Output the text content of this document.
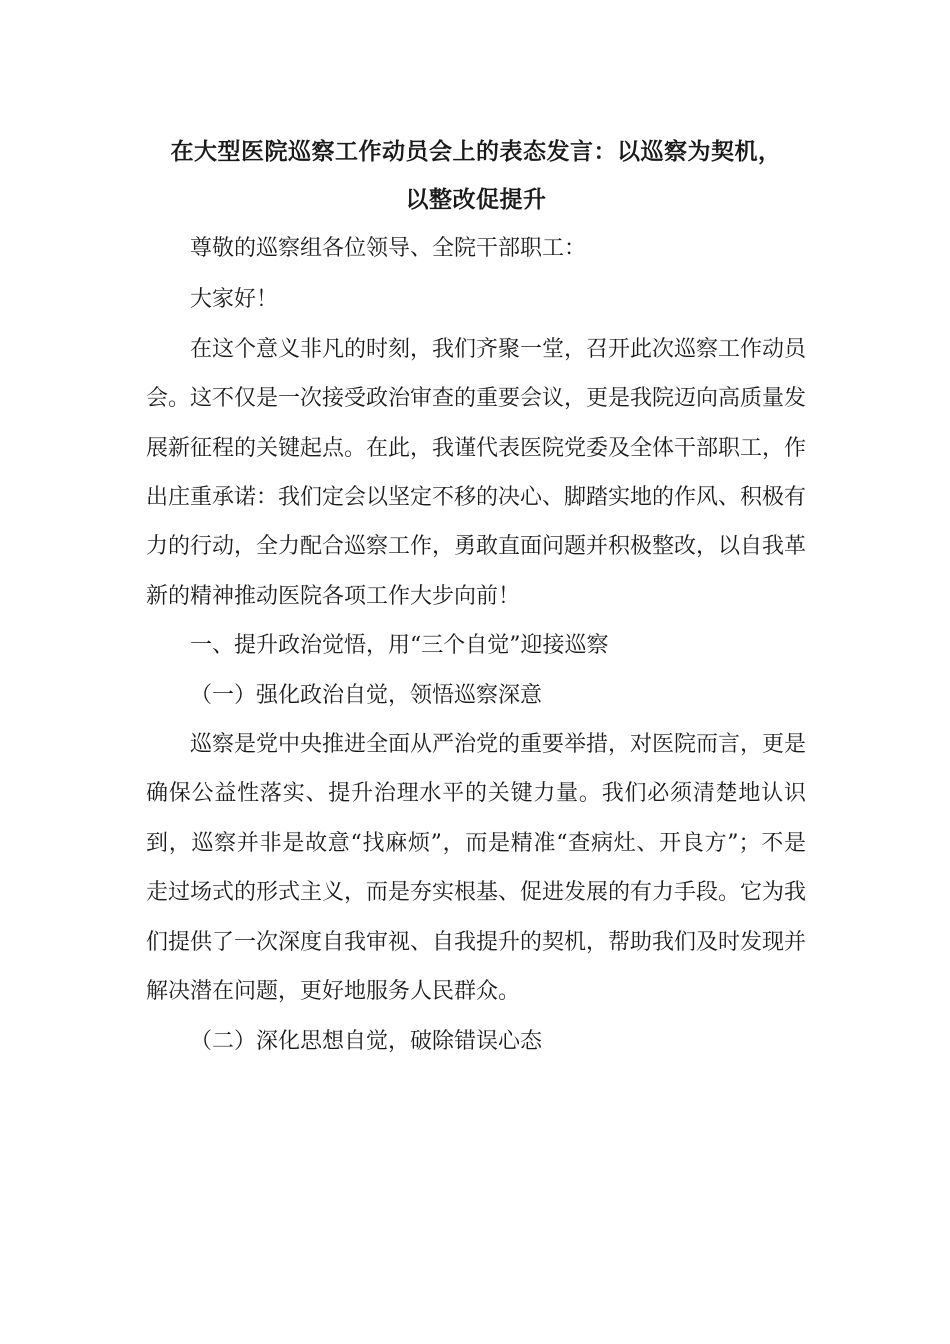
在大型医院巡察工作动员会上的表态发言：以巡察为契机，
以整改促提升

尊敬的巡察组各位领导、全院干部职工：

大家好！

在这个意义非凡的时刻，我们齐聚一堂，召开此次巡察工作动员会。这不仅是一次接受政治审查的重要会议，更是我院迈向高质量发展新征程的关键起点。在此，我谨代表医院党委及全体干部职工，作出庄重承诺：我们定会以坚定不移的决心、脚踏实地的作风、积极有力的行动，全力配合巡察工作，勇敢直面问题并积极整改，以自我革新的精神推动医院各项工作大步向前！

一、提升政治觉悟，用“三个自觉”迎接巡察

（一）强化政治自觉，领悟巡察深意

巡察是党中央推进全面从严治党的重要举措，对医院而言，更是确保公益性落实、提升治理水平的关键力量。我们必须清楚地认识到，巡察并非是故意“找麻烦”，而是精准“查病灶、开良方”；不是走过场式的形式主义，而是夯实根基、促进发展的有力手段。它为我们提供了一次深度自我审视、自我提升的契机，帮助我们及时发现并解决潜在问题，更好地服务人民群众。

（二）深化思想自觉，破除错误心态
